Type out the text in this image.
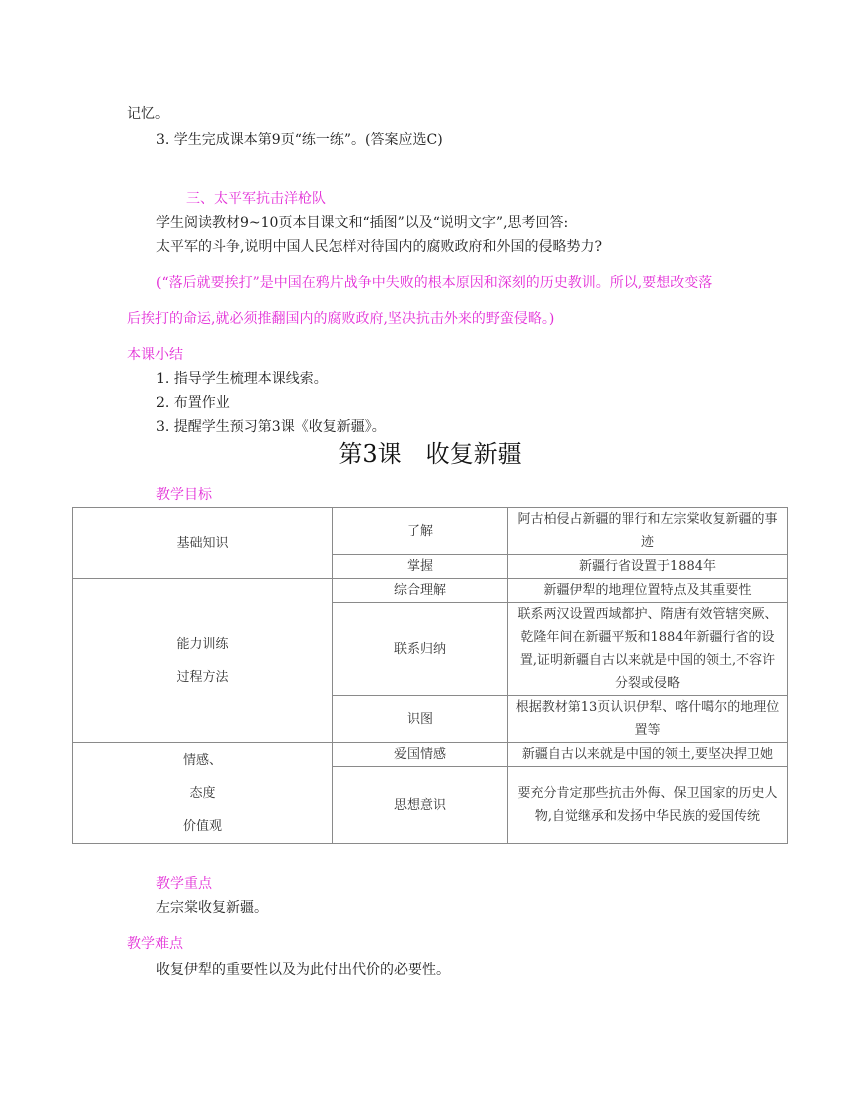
记忆。
3. 学生完成课本第9页“练一练”。(答案应选C)
三、太平军抗击洋枪队
学生阅读教材9~10页本目课文和“插图”以及“说明文字”,思考回答:
太平军的斗争,说明中国人民怎样对待国内的腐败政府和外国的侵略势力?
(“落后就要挨打”是中国在鸦片战争中失败的根本原因和深刻的历史教训。所以,要想改变落
后挨打的命运,就必须推翻国内的腐败政府,坚决抗击外来的野蛮侵略。)
本课小结
1. 指导学生梳理本课线索。
2. 布置作业
3. 提醒学生预习第3课《收复新疆》。
第3课　收复新疆
教学目标
基础知识	了解	阿古柏侵占新疆的罪行和左宗棠收复新疆的事迹
	掌握	新疆行省设置于1884年

能力训练
过程方法	综合理解	新疆伊犁的地理位置特点及其重要性
	联系归纳	联系两汉设置西域都护、隋唐有效管辖突厥、乾隆年间在新疆平叛和1884年新疆行省的设置,证明新疆自古以来就是中国的领土,不容许分裂或侵略
	识图	根据教材第13页认识伊犁、喀什噶尔的地理位置等

情感、
态度
价值观	爱国情感	新疆自古以来就是中国的领土,要坚决捍卫她
	思想意识	要充分肯定那些抗击外侮、保卫国家的历史人物,自觉继承和发扬中华民族的爱国传统
教学重点
左宗棠收复新疆。
教学难点
收复伊犁的重要性以及为此付出代价的必要性。
